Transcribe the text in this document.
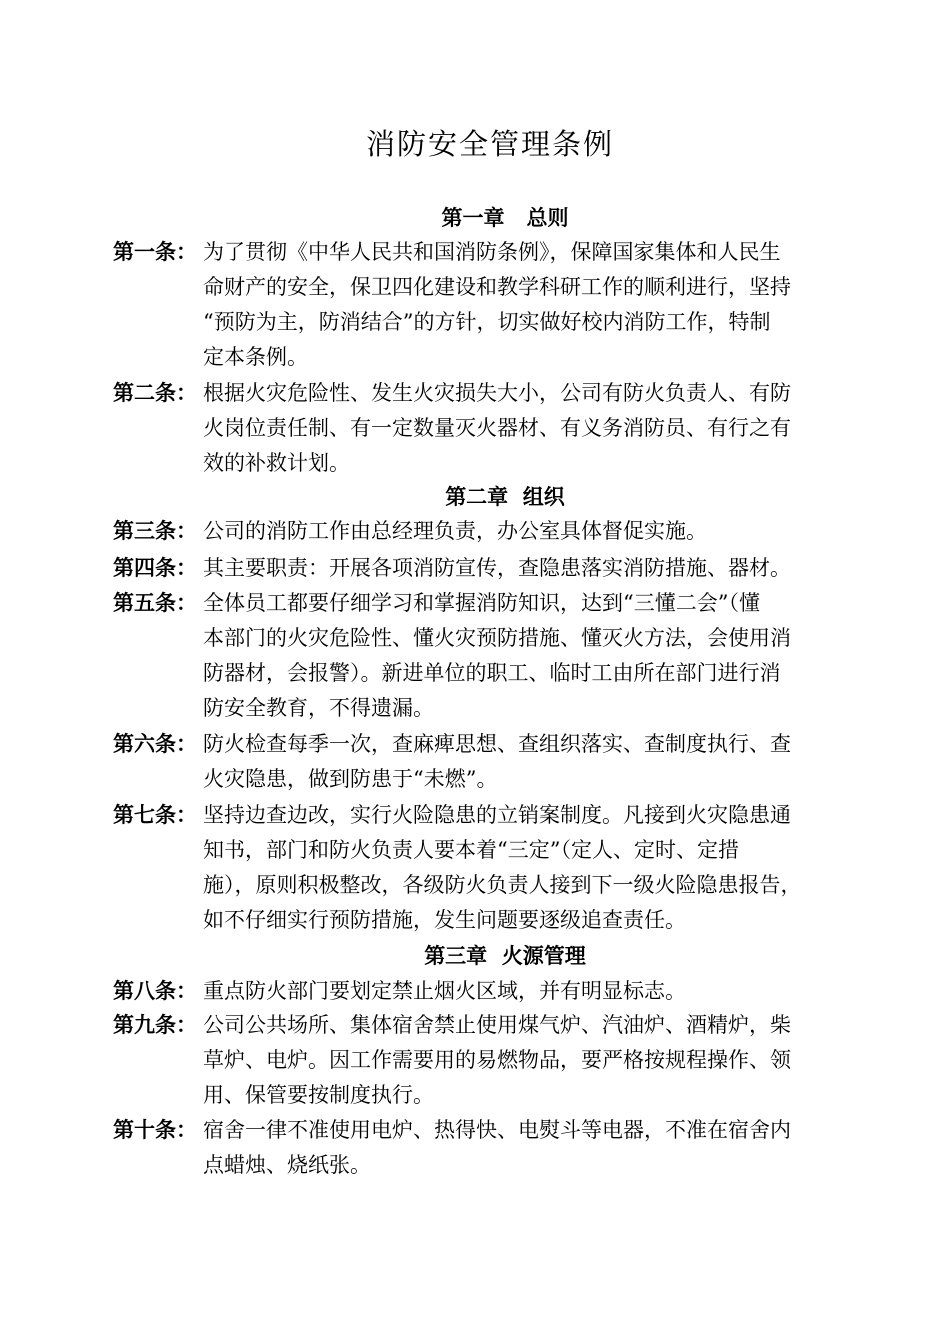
消防安全管理条例
第一章   总则
第一条： 为了贯彻《中华人民共和国消防条例》，保障国家集体和人民生
命财产的安全，保卫四化建设和教学科研工作的顺利进行，坚持
“预防为主，防消结合”的方针，切实做好校内消防工作，特制
定本条例。
第二条： 根据火灾危险性、发生火灾损失大小，公司有防火负责人、有防
火岗位责任制、有一定数量灭火器材、有义务消防员、有行之有
效的补救计划。
第二章  组织
第三条： 公司的消防工作由总经理负责，办公室具体督促实施。
第四条： 其主要职责：开展各项消防宣传，查隐患落实消防措施、器材。
第五条： 全体员工都要仔细学习和掌握消防知识，达到“三懂二会”（懂
本部门的火灾危险性、懂火灾预防措施、懂灭火方法，会使用消
防器材，会报警）。新进单位的职工、临时工由所在部门进行消
防安全教育，不得遗漏。
第六条： 防火检查每季一次，查麻痺思想、查组织落实、查制度执行、查
火灾隐患，做到防患于“未燃”。
第七条： 坚持边查边改，实行火险隐患的立销案制度。凡接到火灾隐患通
知书，部门和防火负责人要本着“三定”（定人、定时、定措
施），原则积极整改，各级防火负责人接到下一级火险隐患报告，
如不仔细实行预防措施，发生问题要逐级追查责任。
第三章  火源管理
第八条： 重点防火部门要划定禁止烟火区域，并有明显标志。
第九条： 公司公共场所、集体宿舍禁止使用煤气炉、汽油炉、酒精炉，柴
草炉、电炉。因工作需要用的易燃物品，要严格按规程操作、领
用、保管要按制度执行。
第十条： 宿舍一律不准使用电炉、热得快、电熨斗等电器，不准在宿舍内
点蜡烛、烧纸张。
